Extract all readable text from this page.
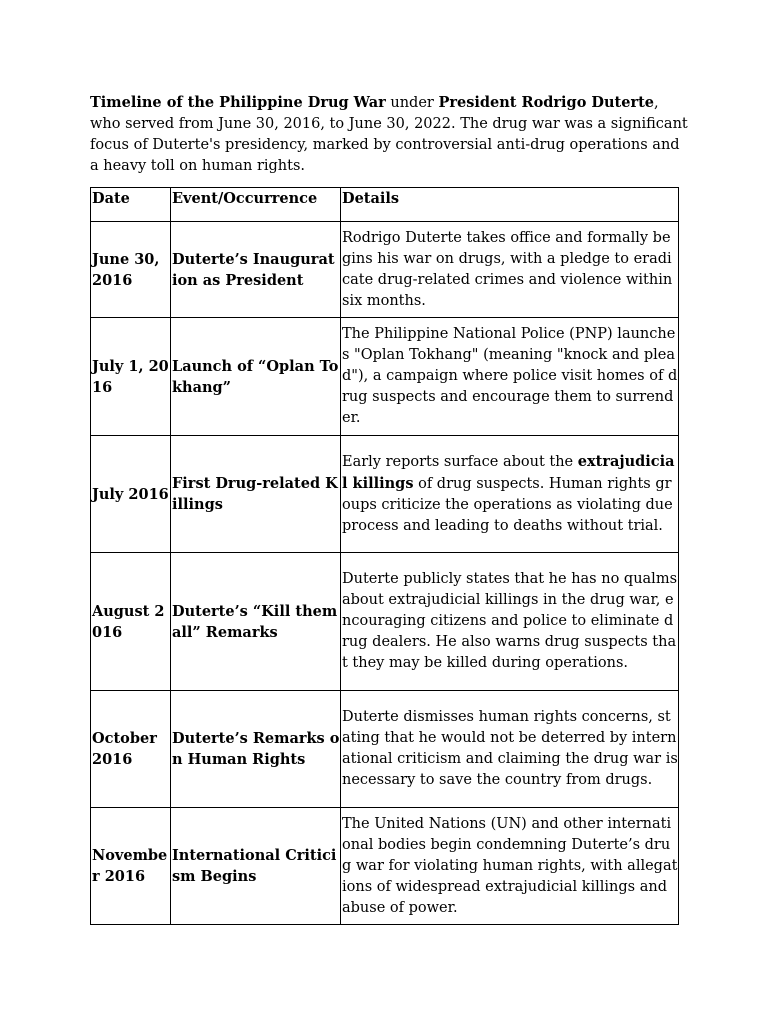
Timeline of the Philippine Drug War under President Rodrigo Duterte, who served from June 30, 2016, to June 30, 2022. The drug war was a significant focus of Duterte's presidency, marked by controversial anti-drug operations and a heavy toll on human rights.

Date	Event/Occurrence	Details
June 30, 2016	Duterte’s Inauguration as President	Rodrigo Duterte takes office and formally begins his war on drugs, with a pledge to eradicate drug-related crimes and violence within six months.
July 1, 2016	Launch of “Oplan Tokhang”	The Philippine National Police (PNP) launches "Oplan Tokhang" (meaning "knock and plead"), a campaign where police visit homes of drug suspects and encourage them to surrender.
July 2016	First Drug-related Killings	Early reports surface about the extrajudicial killings of drug suspects. Human rights groups criticize the operations as violating due process and leading to deaths without trial.
August 2016	Duterte’s “Kill them all” Remarks	Duterte publicly states that he has no qualms about extrajudicial killings in the drug war, encouraging citizens and police to eliminate drug dealers. He also warns drug suspects that they may be killed during operations.
October 2016	Duterte’s Remarks on Human Rights	Duterte dismisses human rights concerns, stating that he would not be deterred by international criticism and claiming the drug war is necessary to save the country from drugs.
November 2016	International Criticism Begins	The United Nations (UN) and other international bodies begin condemning Duterte’s drug war for violating human rights, with allegations of widespread extrajudicial killings and abuse of power.
